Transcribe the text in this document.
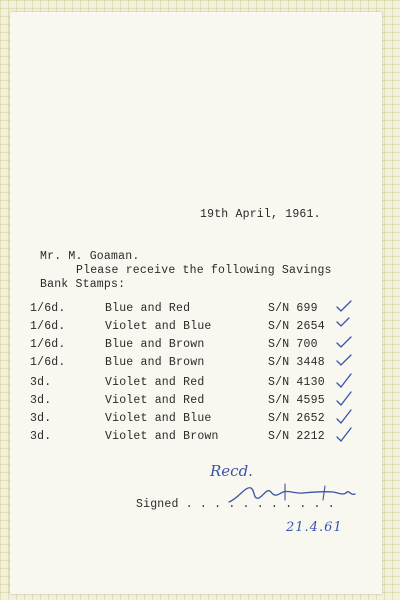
19th April, 1961.
Mr. M. Goaman.
Please receive the following Savings
Bank Stamps:
1/6d.	Blue and Red	S/N 699
1/6d.	Violet and Blue	S/N 2654
1/6d.	Blue and Brown	S/N 700
1/6d.	Blue and Brown	S/N 3448
3d.	Violet and Red	S/N 4130
3d.	Violet and Red	S/N 4595
3d.	Violet and Blue	S/N 2652
3d.	Violet and Brown	S/N 2212
Recd.
Signed . . . . . . . . . . .
21.4.61
